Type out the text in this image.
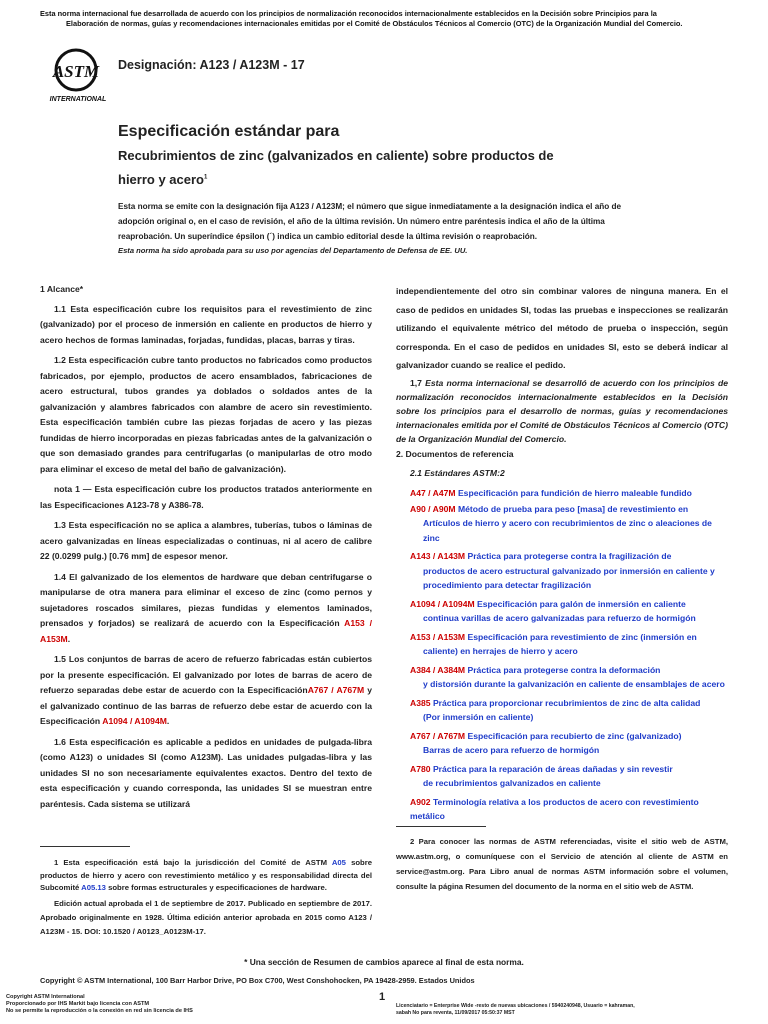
Esta norma internacional fue desarrollada de acuerdo con los principios de normalización reconocidos internacionalmente establecidos en la Decisión sobre Principios para la
Elaboración de normas, guías y recomendaciones internacionales emitidas por el Comité de Obstáculos Técnicos al Comercio (OTC) de la Organización Mundial del Comercio.
ASTM
INTERNATIONAL
Designación: A123 / A123M - 17
Especificación estándar para
Recubrimientos de zinc (galvanizados en caliente) sobre productos de
hierro y acero$^1$
Esta norma se emite con la designación fija A123 / A123M; el número que sigue inmediatamente a la designación indica el año de
adopción original o, en el caso de revisión, el año de la última revisión. Un número entre paréntesis indica el año de la última
reaprobación. Un superíndice épsilon (´) indica un cambio editorial desde la última revisión o reaprobación.
Esta norma ha sido aprobada para su uso por agencias del Departamento de Defensa de EE. UU.

1 Alcance*

1.1 Esta especificación cubre los requisitos para el revestimiento de zinc (galvanizado) por el proceso de inmersión en caliente en productos de hierro y acero hechos de formas laminadas, forjadas, fundidas, placas, barras y tiras.

1.2 Esta especificación cubre tanto productos no fabricados como productos fabricados, por ejemplo, productos de acero ensamblados, fabricaciones de acero estructural, tubos grandes ya doblados o soldados antes de la galvanización y alambres fabricados con alambre de acero sin revestimiento. Esta especificación también cubre las piezas forjadas de acero y las piezas fundidas de hierro incorporadas en piezas fabricadas antes de la galvanización o que son demasiado grandes para centrifugarlas (o manipularlas de otro modo para eliminar el exceso de metal del baño de galvanización).

nota 1 — Esta especificación cubre los productos tratados anteriormente en las Especificaciones A123-78 y A386-78.

1.3 Esta especificación no se aplica a alambres, tuberías, tubos o láminas de acero galvanizadas en líneas especializadas o continuas, ni al acero de calibre 22 (0.0299 pulg.) [0.76 mm] de espesor menor.

1.4 El galvanizado de los elementos de hardware que deban centrifugarse o manipularse de otra manera para eliminar el exceso de zinc (como pernos y sujetadores roscados similares, piezas fundidas y elementos laminados, prensados y forjados) se realizará de acuerdo con la Especificación A153 / A153M.

1.5 Los conjuntos de barras de acero de refuerzo fabricadas están cubiertos por la presente especificación. El galvanizado por lotes de barras de acero de refuerzo separadas debe estar de acuerdo con la EspecificaciónA767 / A767M y el galvanizado continuo de las barras de refuerzo debe estar de acuerdo con la Especificación A1094 / A1094M.

1.6 Esta especificación es aplicable a pedidos en unidades de pulgada-libra (como A123) o unidades SI (como A123M). Las unidades pulgadas-libra y las unidades SI no son necesariamente equivalentes exactos. Dentro del texto de esta especificación y cuando corresponda, las unidades SI se muestran entre paréntesis. Cada sistema se utilizará

1 Esta especificación está bajo la jurisdicción del Comité de ASTM A05 sobre productos de hierro y acero con revestimiento metálico y es responsabilidad directa del Subcomité A05.13 sobre formas estructurales y especificaciones de hardware.
Edición actual aprobada el 1 de septiembre de 2017. Publicado en septiembre de 2017. Aprobado originalmente en 1928. Última edición anterior aprobada en 2015 como A123 / A123M - 15. DOI: 10.1520 / A0123_A0123M-17.

independientemente del otro sin combinar valores de ninguna manera. En el caso de pedidos en unidades SI, todas las pruebas e inspecciones se realizarán utilizando el equivalente métrico del método de prueba o inspección, según corresponda. En el caso de pedidos en unidades SI, esto se deberá indicar al galvanizador cuando se realice el pedido.

1,7 Esta norma internacional se desarrolló de acuerdo con los principios de normalización reconocidos internacionalmente establecidos en la Decisión sobre los principios para el desarrollo de normas, guías y recomendaciones internacionales emitida por el Comité de Obstáculos Técnicos al Comercio (OTC) de la Organización Mundial del Comercio.

2. Documentos de referencia
2.1 Estándares ASTM:2
A47 / A47M Especificación para fundición de hierro maleable fundido
A90 / A90M Método de prueba para peso [masa] de revestimiento en
Artículos de hierro y acero con recubrimientos de zinc o aleaciones de zinc
A143 / A143M Práctica para protegerse contra la fragilización de
productos de acero estructural galvanizado por inmersión en caliente y procedimiento para detectar fragilización
A1094 / A1094M Especificación para galón de inmersión en caliente
continua varillas de acero galvanizadas para refuerzo de hormigón
A153 / A153M Especificación para revestimiento de zinc (inmersión en
caliente) en herrajes de hierro y acero
A384 / A384M Práctica para protegerse contra la deformación
y distorsión durante la galvanización en caliente de ensamblajes de acero
A385 Práctica para proporcionar recubrimientos de zinc de alta calidad
(Por inmersión en caliente)
A767 / A767M Especificación para recubierto de zinc (galvanizado)
Barras de acero para refuerzo de hormigón
A780 Práctica para la reparación de áreas dañadas y sin revestir
de recubrimientos galvanizados en caliente
A902 Terminología relativa a los productos de acero con revestimiento
metálico
2 Para conocer las normas de ASTM referenciadas, visite el sitio web de ASTM, www.astm.org, o comuníquese con el Servicio de atención al cliente de ASTM en service@astm.org. Para Libro anual de normas ASTM información sobre el volumen, consulte la página Resumen del documento de la norma en el sitio web de ASTM.
* Una sección de Resumen de cambios aparece al final de esta norma.
Copyright © ASTM International, 100 Barr Harbor Drive, PO Box C700, West Conshohocken, PA 19428-2959. Estados Unidos
Copyright ASTM International
Proporcionado por IHS Markit bajo licencia con ASTM
No se permite la reproducción o la conexión en red sin licencia de IHS
1
Licenciatario = Enterprise Wide -resto de nuevas ubicaciones / 5940240948, Usuario = kahraman,
sabah No para reventa, 11/09/2017 05:50:37 MST
